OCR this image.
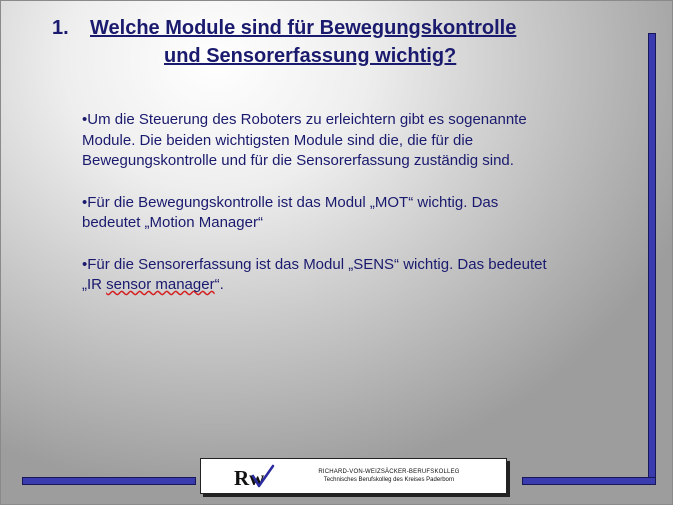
1. Welche Module sind für Bewegungskontrolle
und Sensorerfassung wichtig?

•Um die Steuerung des Roboters zu erleichtern gibt es sogenannte Module. Die beiden wichtigsten Module sind die, die für die Bewegungskontrolle und für die Sensorerfassung zuständig sind.

•Für die Bewegungskontrolle ist das Modul „MOT“ wichtig. Das bedeutet „Motion Manager“

•Für die Sensorerfassung ist das Modul „SENS“ wichtig. Das bedeutet „IR sensor manager“.

Rw	RICHARD-VON-WEIZSÄCKER-BERUFSKOLLEG
Technisches Berufskolleg des Kreises Paderborn
